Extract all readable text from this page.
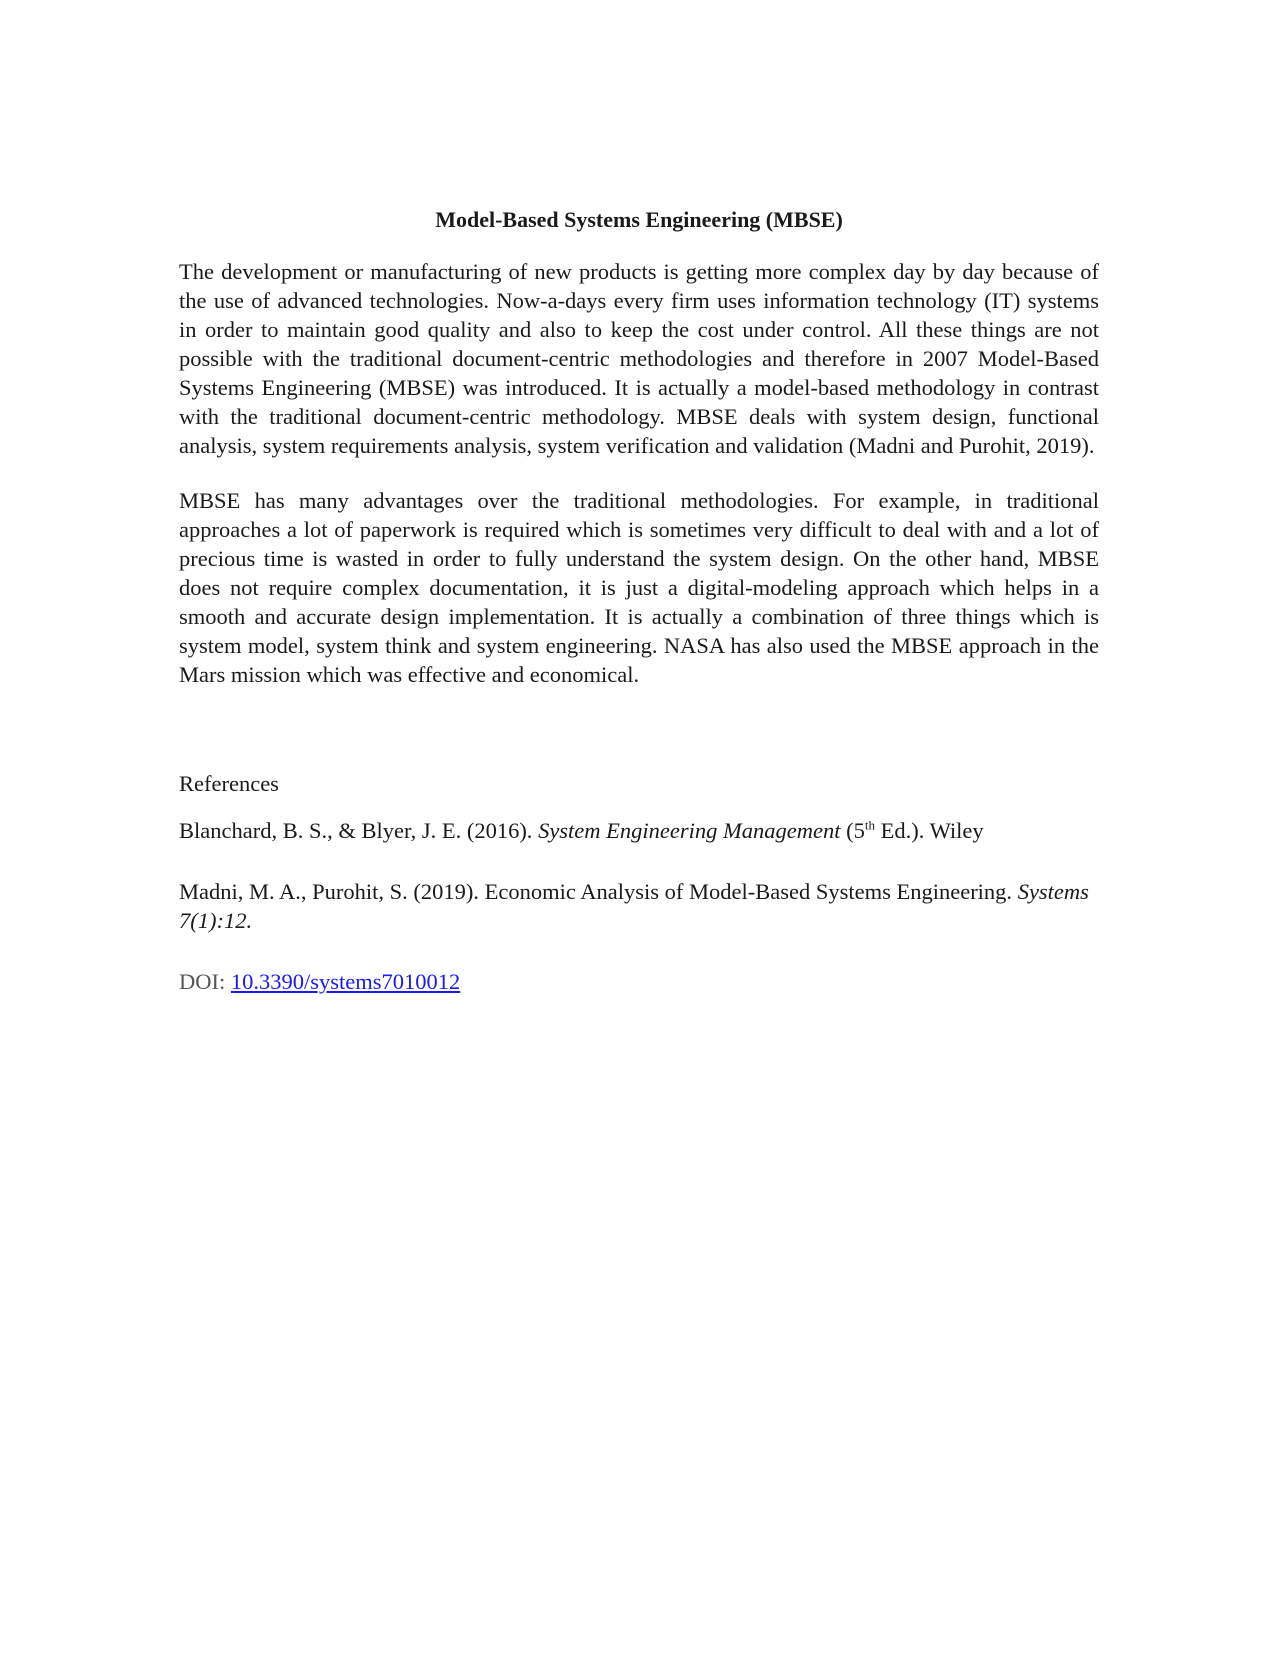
Model-Based Systems Engineering (MBSE)

The development or manufacturing of new products is getting more complex day by day because of the use of advanced technologies. Now-a-days every firm uses information technology (IT) systems in order to maintain good quality and also to keep the cost under control. All these things are not possible with the traditional document-centric methodologies and therefore in 2007 Model-Based Systems Engineering (MBSE) was introduced. It is actually a model-based methodology in contrast with the traditional document-centric methodology. MBSE deals with system design, functional analysis, system requirements analysis, system verification and validation (Madni and Purohit, 2019).

MBSE has many advantages over the traditional methodologies. For example, in traditional approaches a lot of paperwork is required which is sometimes very difficult to deal with and a lot of precious time is wasted in order to fully understand the system design. On the other hand, MBSE does not require complex documentation, it is just a digital-modeling approach which helps in a smooth and accurate design implementation. It is actually a combination of three things which is system model, system think and system engineering. NASA has also used the MBSE approach in the Mars mission which was effective and economical.

References
Blanchard, B. S., & Blyer, J. E. (2016). System Engineering Management (5th Ed.). Wiley
Madni, M. A., Purohit, S. (2019). Economic Analysis of Model-Based Systems Engineering. Systems 7(1):12.
DOI: 10.3390/systems7010012
